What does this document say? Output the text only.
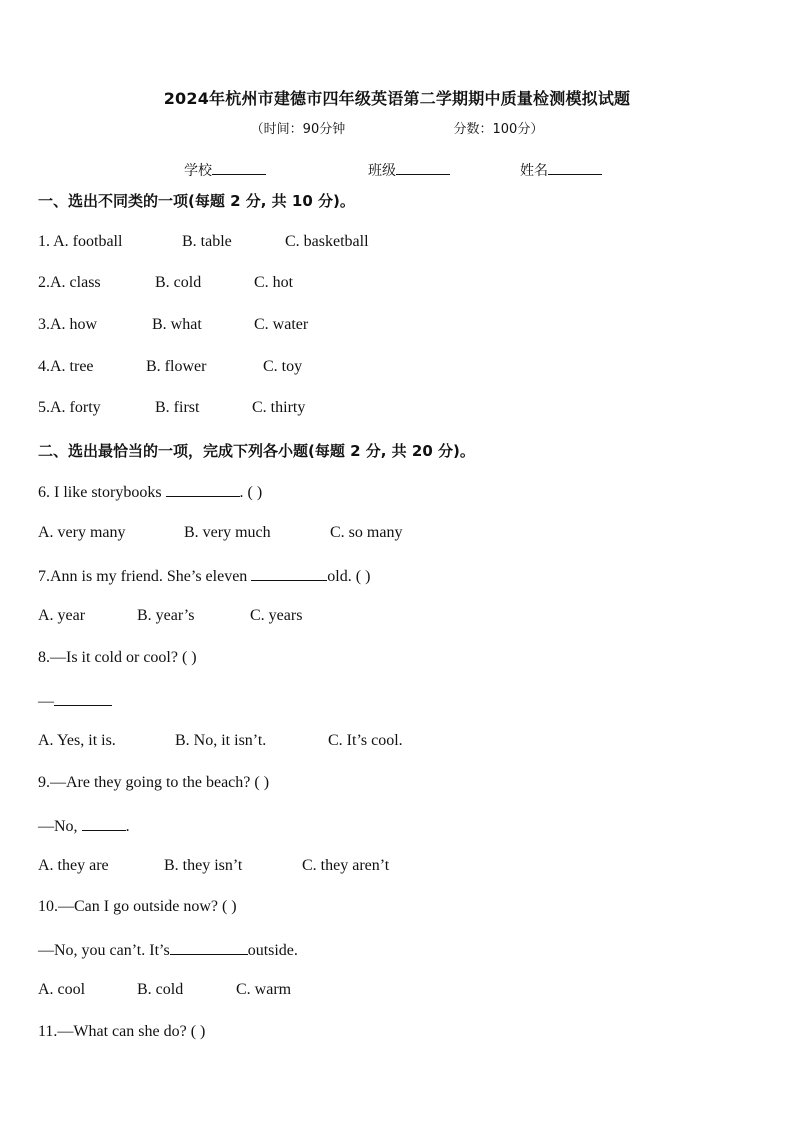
2024年杭州市建德市四年级英语第二学期期中质量检测模拟试题
（时间：90分钟	分数：100分）
学校	班级	姓名
一、选出不同类的一项(每题 2 分, 共 10 分)。
1. A. football	B. table	C. basketball
2.A. class	B. cold	C. hot
3.A. how	B. what	C. water
4.A. tree	B. flower	C. toy
5.A. forty	B. first	C. thirty
二、选出最恰当的一项，完成下列各小题(每题 2 分, 共 20 分)。
6. I like storybooks	. ( )
A. very many	B. very much	C. so many
7.Ann is my friend. She’s eleven	old. ( )
A. year	B. year’s	C. years
8.—Is it cold or cool? ( )
—
A. Yes, it is.	B. No, it isn’t.	C. It’s cool.
9.—Are they going to the beach? ( )
—No,	.
A. they are	B. they isn’t	C. they aren’t
10.—Can I go outside now? ( )
—No, you can’t. It’s	outside.
A. cool	B. cold	C. warm
11.—What can she do? ( )
